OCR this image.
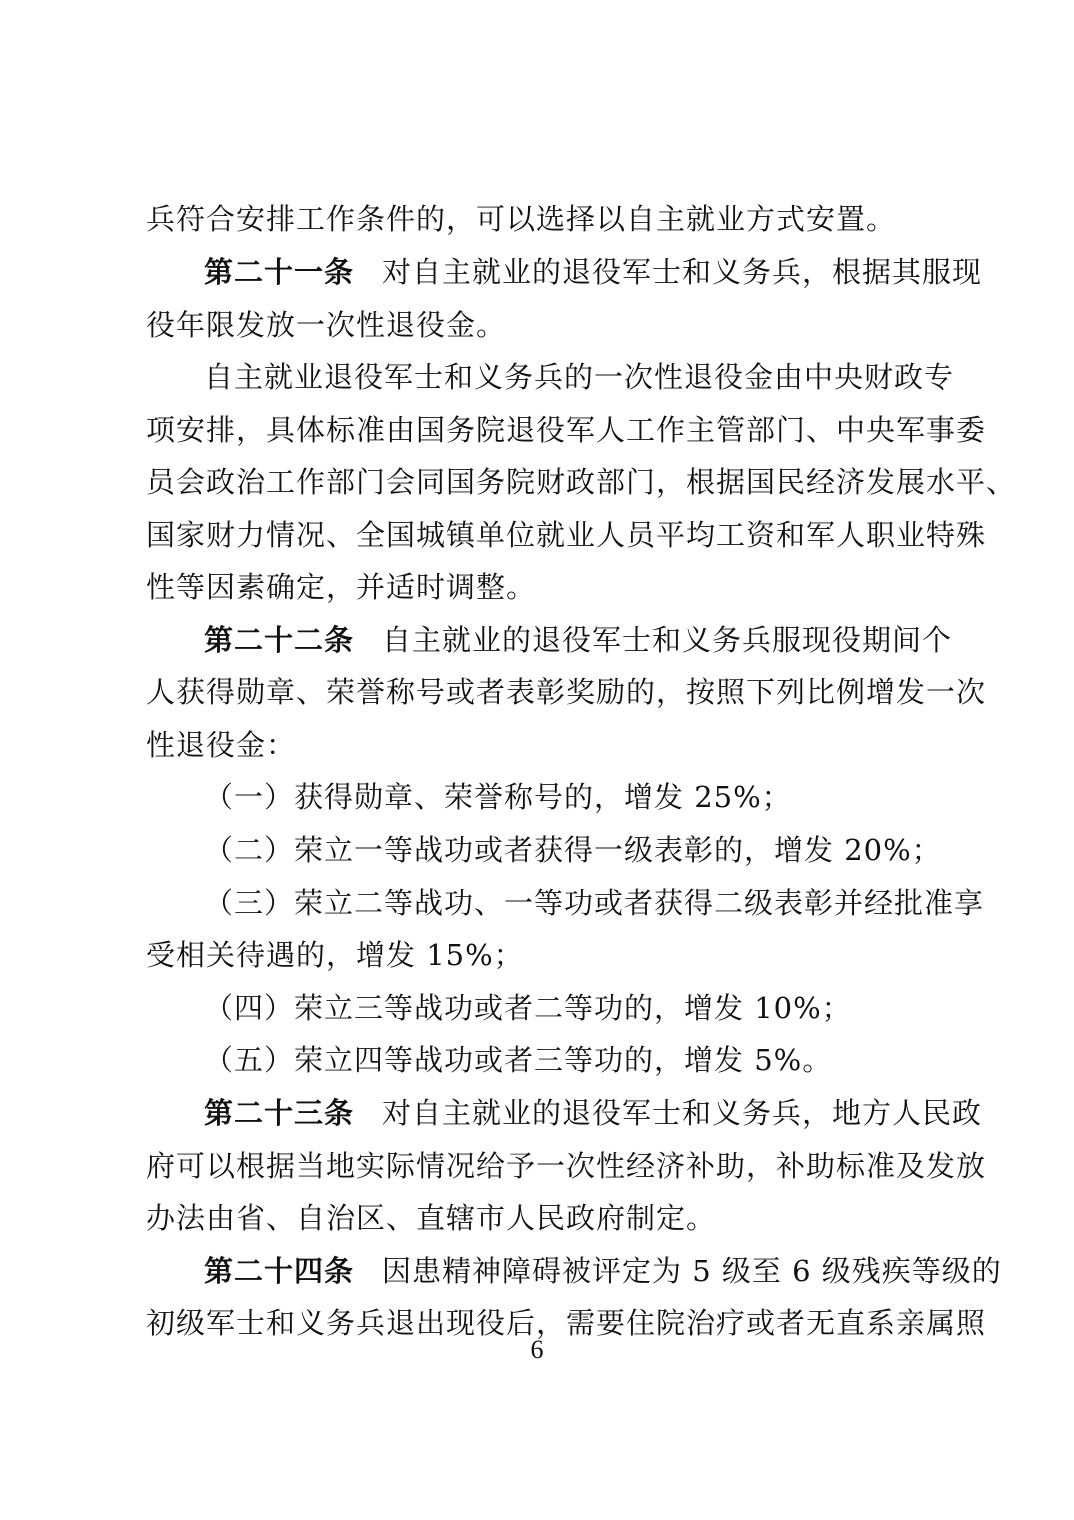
兵符合安排工作条件的，可以选择以自主就业方式安置。
第二十一条 对自主就业的退役军士和义务兵，根据其服现
役年限发放一次性退役金。
自主就业退役军士和义务兵的一次性退役金由中央财政专
项安排，具体标准由国务院退役军人工作主管部门、中央军事委
员会政治工作部门会同国务院财政部门，根据国民经济发展水平、
国家财力情况、全国城镇单位就业人员平均工资和军人职业特殊
性等因素确定，并适时调整。
第二十二条 自主就业的退役军士和义务兵服现役期间个
人获得勋章、荣誉称号或者表彰奖励的，按照下列比例增发一次
性退役金：
（一）获得勋章、荣誉称号的，增发 25%；
（二）荣立一等战功或者获得一级表彰的，增发 20%；
（三）荣立二等战功、一等功或者获得二级表彰并经批准享
受相关待遇的，增发 15%；
（四）荣立三等战功或者二等功的，增发 10%；
（五）荣立四等战功或者三等功的，增发 5%。
第二十三条 对自主就业的退役军士和义务兵，地方人民政
府可以根据当地实际情况给予一次性经济补助，补助标准及发放
办法由省、自治区、直辖市人民政府制定。
第二十四条 因患精神障碍被评定为 5 级至 6 级残疾等级的
初级军士和义务兵退出现役后，需要住院治疗或者无直系亲属照
6
